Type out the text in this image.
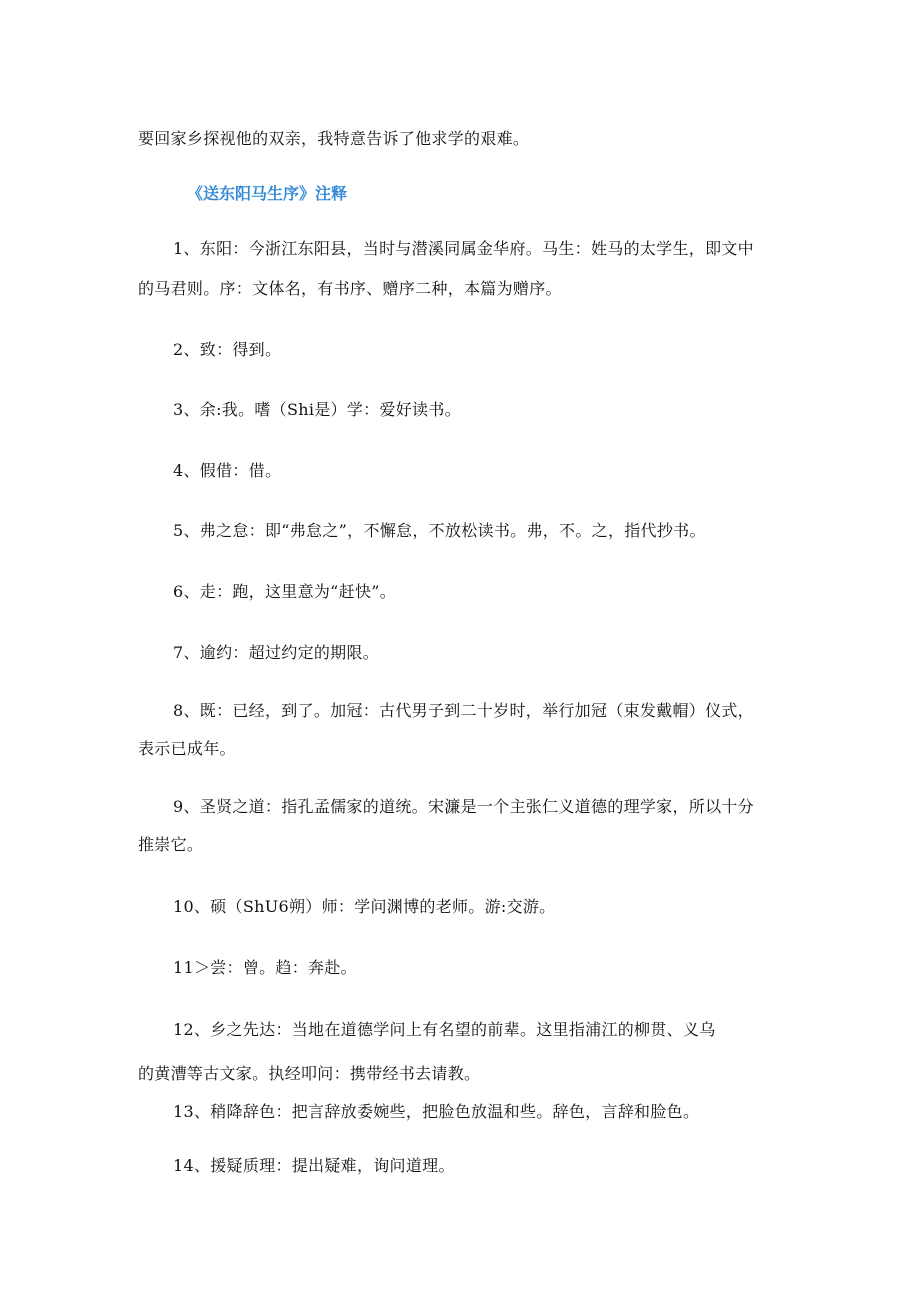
要回家乡探视他的双亲，我特意告诉了他求学的艰难。
《送东阳马生序》注释
1、东阳：今浙江东阳县，当时与潜溪同属金华府。马生：姓马的太学生，即文中
的马君则。序：文体名，有书序、赠序二种，本篇为赠序。
2、致：得到。
3、余:我。嗜（Shi是）学：爱好读书。
4、假借：借。
5、弗之怠：即“弗怠之”，不懈怠，不放松读书。弗，不。之，指代抄书。
6、走：跑，这里意为“赶快”。
7、逾约：超过约定的期限。
8、既：已经，到了。加冠：古代男子到二十岁时，举行加冠（束发戴帽）仪式，
表示已成年。
9、圣贤之道：指孔孟儒家的道统。宋濂是一个主张仁义道德的理学家，所以十分
推崇它。
10、硕（ShU6朔）师：学问渊博的老师。游:交游。
11＞尝：曾。趋：奔赴。
12、乡之先达：当地在道德学问上有名望的前辈。这里指浦江的柳贯、义乌
的黄漕等古文家。执经叩问：携带经书去请教。
13、稍降辞色：把言辞放委婉些，把脸色放温和些。辞色，言辞和脸色。
14、援疑质理：提出疑难，询问道理。
